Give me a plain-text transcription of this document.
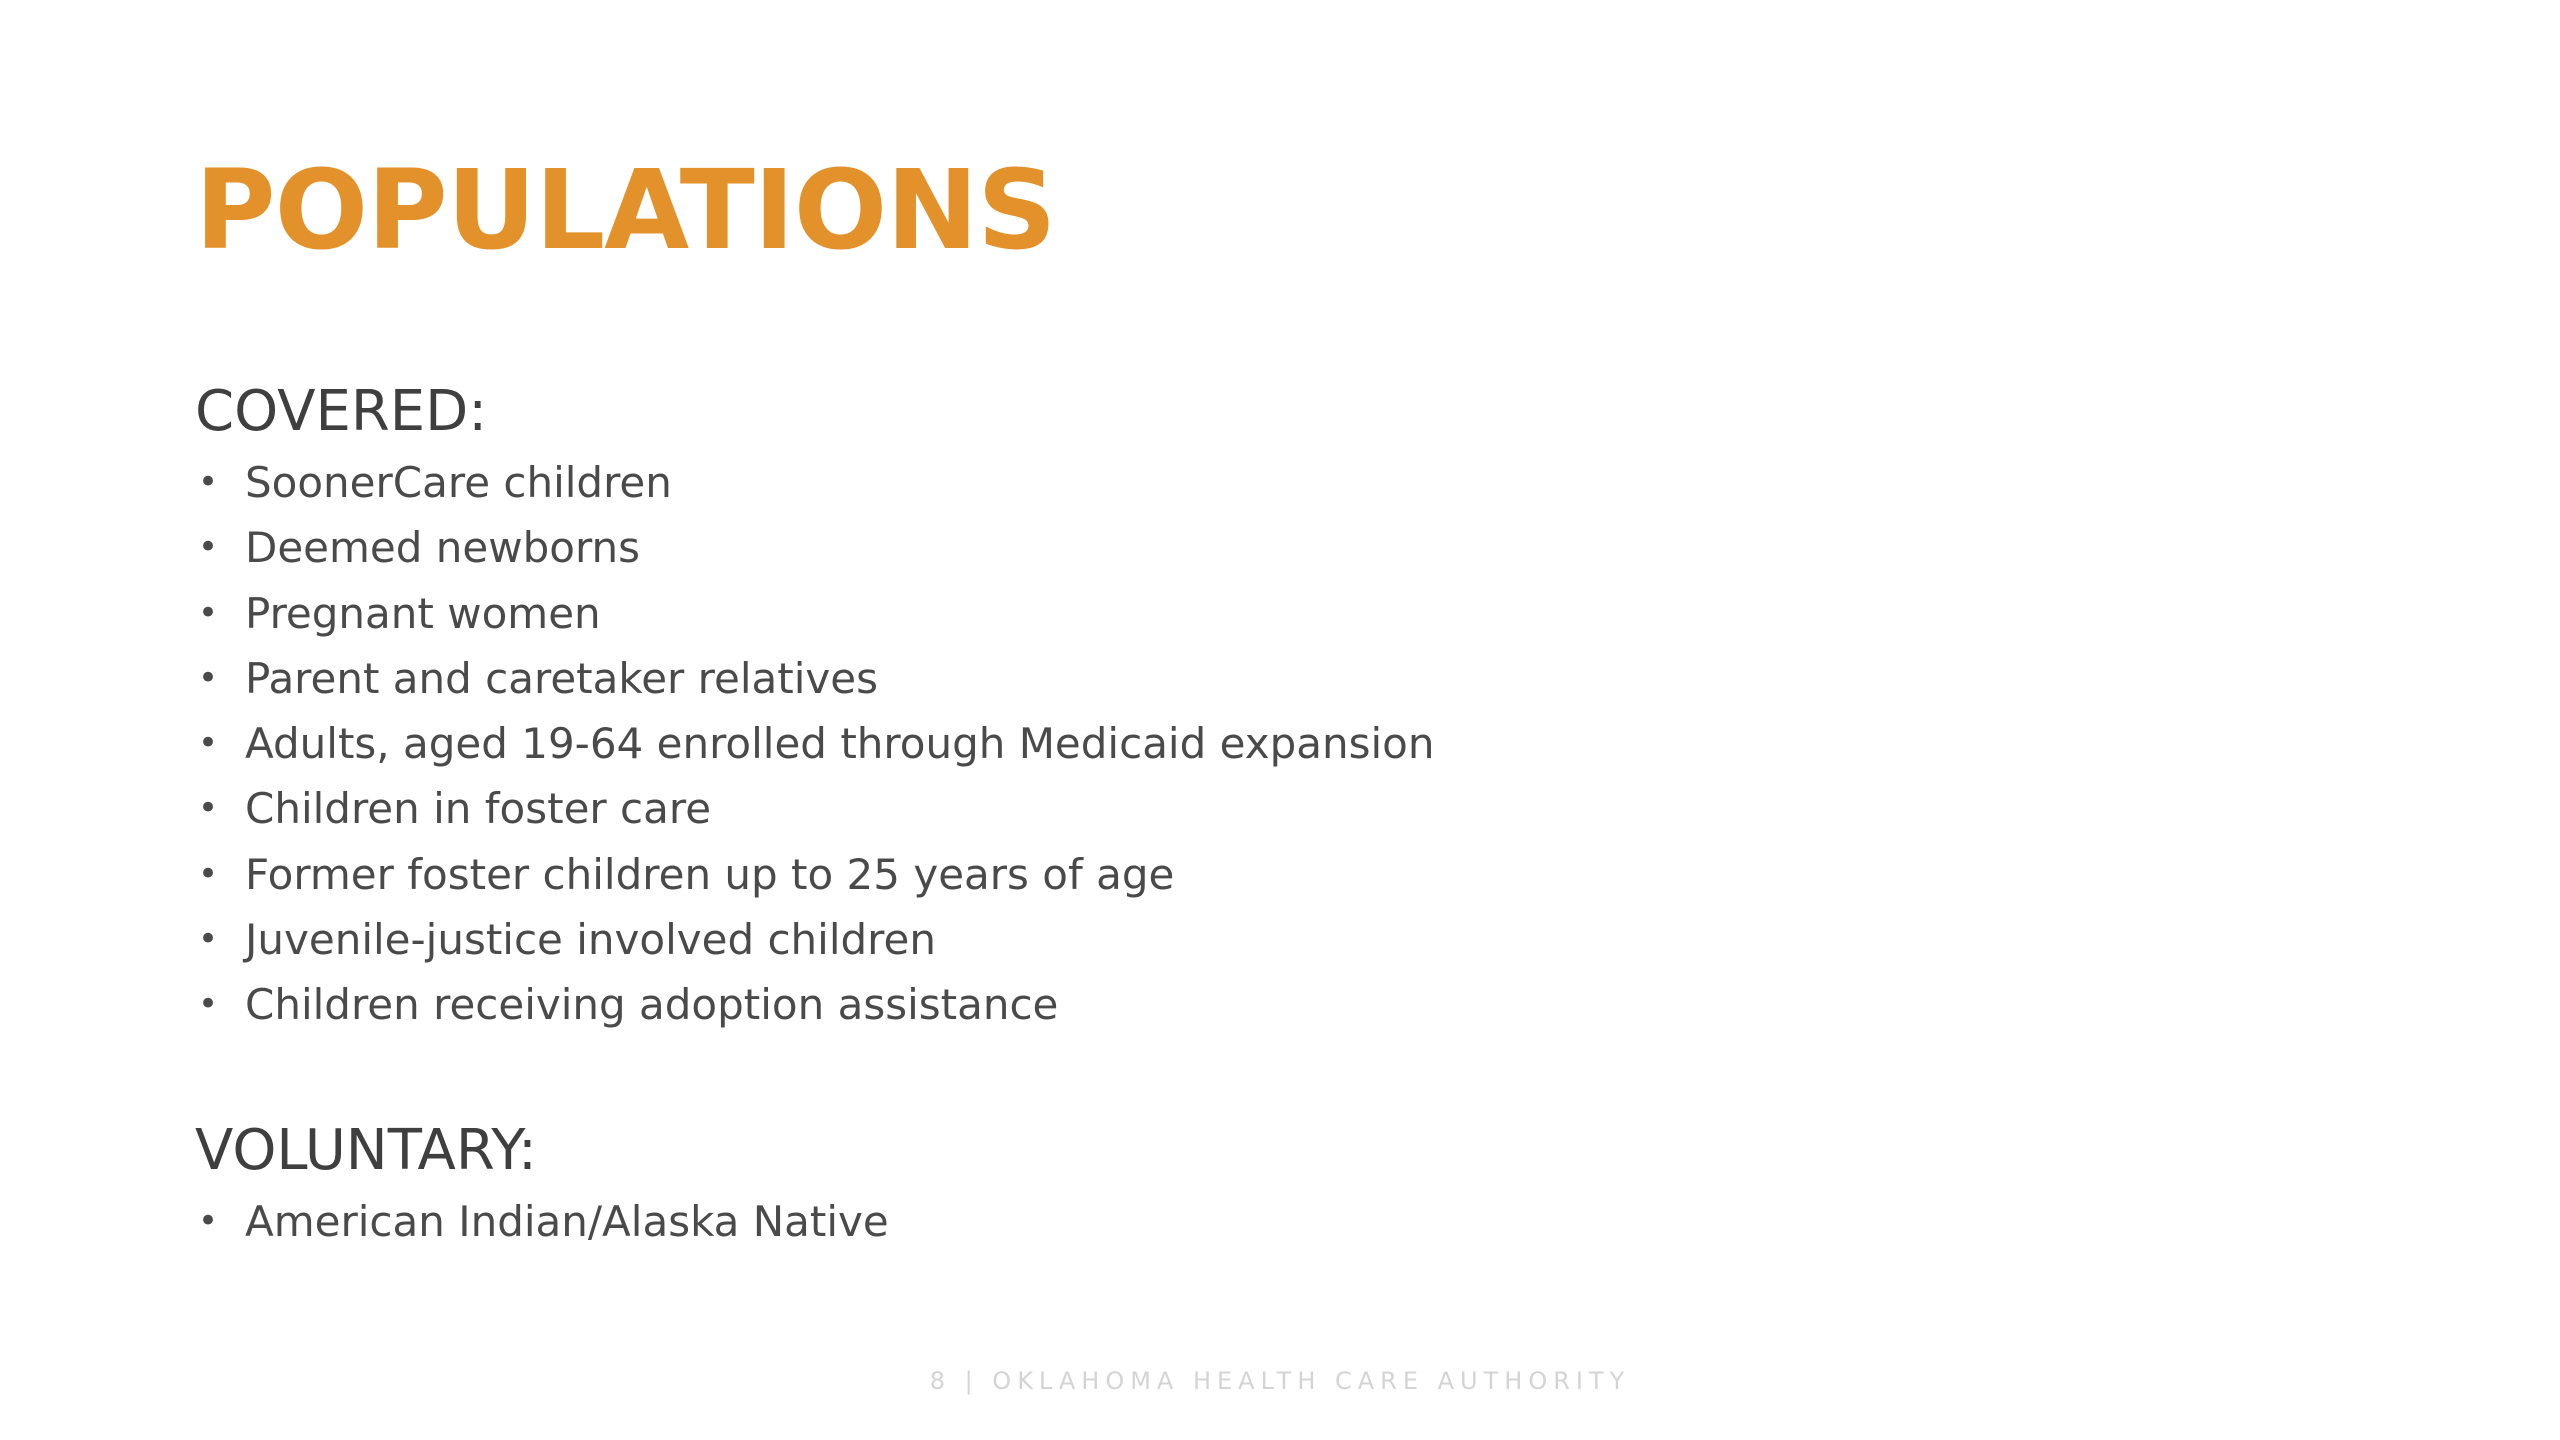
POPULATIONS
COVERED:
• SoonerCare children
• Deemed newborns
• Pregnant women
• Parent and caretaker relatives
• Adults, aged 19-64 enrolled through Medicaid expansion
• Children in foster care
• Former foster children up to 25 years of age
• Juvenile-justice involved children
• Children receiving adoption assistance
VOLUNTARY:
• American Indian/Alaska Native
8 | OKLAHOMA HEALTH CARE AUTHORITY
